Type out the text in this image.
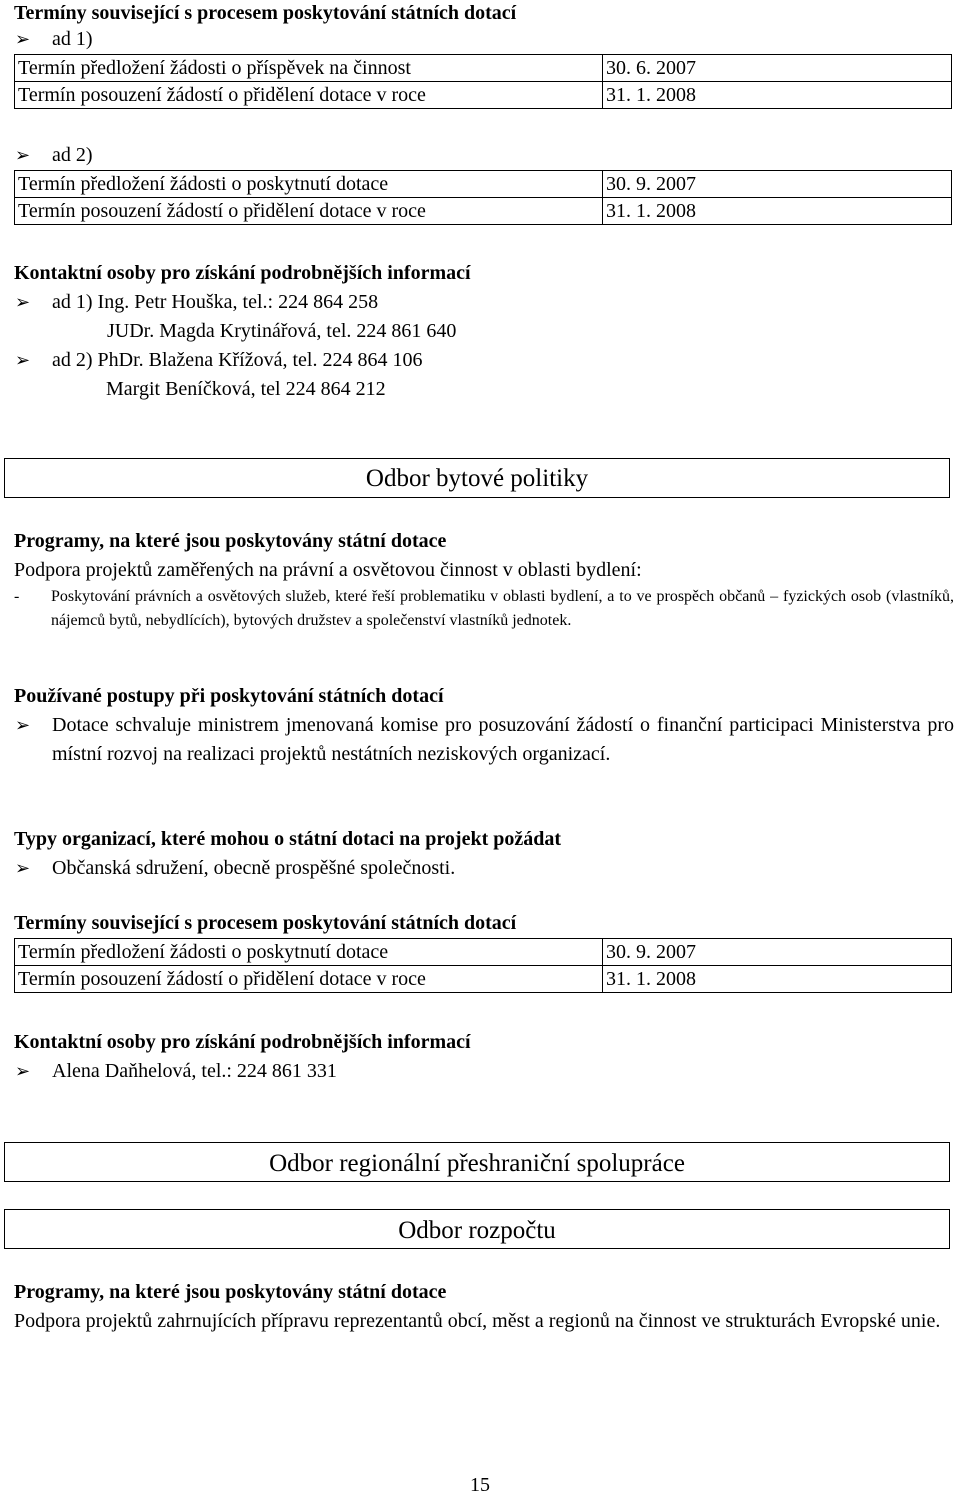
Termíny související s procesem poskytování státních dotací
➢	ad 1)
Termín předložení žádosti o příspěvek na činnost	30. 6. 2007
Termín posouzení žádostí o přidělení dotace v roce	31. 1. 2008
➢	ad 2)
Termín předložení žádosti o poskytnutí dotace	30. 9. 2007
Termín posouzení žádostí o přidělení dotace v roce	31. 1. 2008
Kontaktní osoby pro získání podrobnějších informací
➢	ad 1) Ing. Petr Houška, tel.: 224 864 258
JUDr. Magda Krytinářová, tel. 224 861 640
➢	ad 2) PhDr. Blažena Křížová, tel. 224 864 106
Margit Beníčková, tel 224 864 212
Odbor bytové politiky
Programy, na které jsou poskytovány státní dotace
Podpora projektů zaměřených na právní a osvětovou činnost v oblasti bydlení:
-	Poskytování právních a osvětových služeb, které řeší problematiku v oblasti bydlení, a to ve prospěch občanů – fyzických osob (vlastníků, nájemců bytů, nebydlících), bytových družstev a společenství vlastníků jednotek.
Používané postupy při poskytování státních dotací
➢	Dotace schvaluje ministrem jmenovaná komise pro posuzování žádostí o finanční participaci Ministerstva pro místní rozvoj na realizaci projektů nestátních neziskových organizací.
Typy organizací, které mohou o státní dotaci na projekt požádat
➢	Občanská sdružení, obecně prospěšné společnosti.
Termíny související s procesem poskytování státních dotací
Termín předložení žádosti o poskytnutí dotace	30. 9. 2007
Termín posouzení žádostí o přidělení dotace v roce	31. 1. 2008
Kontaktní osoby pro získání podrobnějších informací
➢	Alena Daňhelová, tel.: 224 861 331
Odbor regionální přeshraniční spolupráce
Odbor rozpočtu
Programy, na které jsou poskytovány státní dotace
Podpora projektů zahrnujících přípravu reprezentantů obcí, měst a regionů na činnost ve strukturách Evropské unie.
15
